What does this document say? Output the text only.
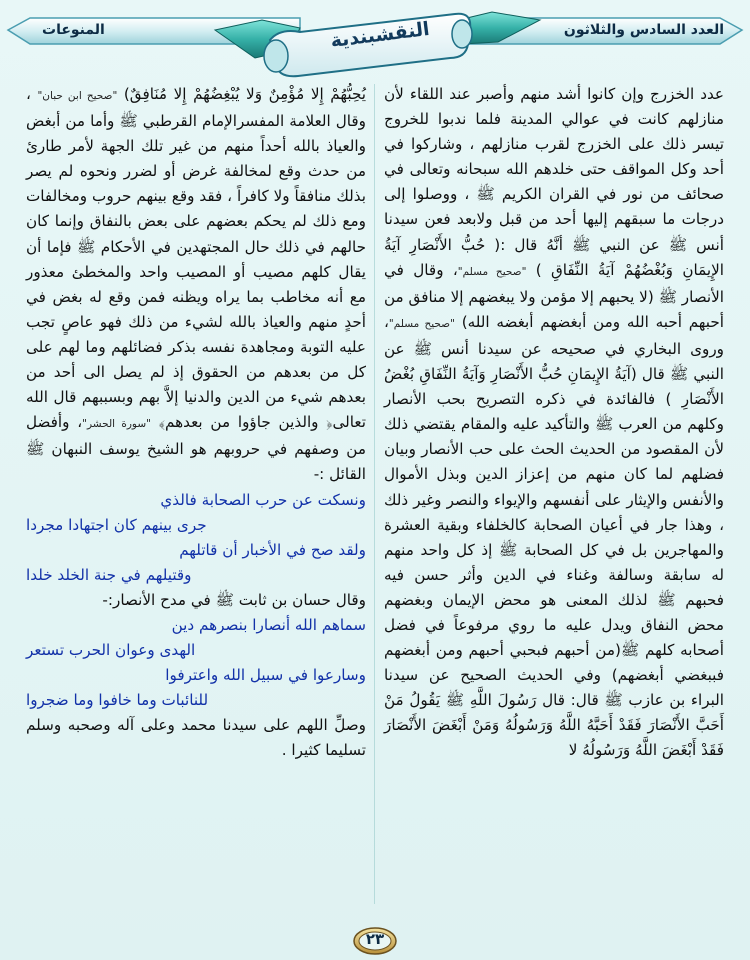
العدد السادس والثلاثون
المنوعات	النقشبندية

عدد الخزرج وإن كانوا أشد منهم وأصبر عند اللقاء لأن منازلهم كانت في عوالي المدينة فلما ندبوا للخروج تيسر ذلك على الخزرج لقرب منازلهم ، وشاركوا في أحد وكل المواقف حتى خلدهم الله سبحانه وتعالى في صحائف من نور في القران الكريم ﷺ ، ووصلوا إلى درجات ما سبقهم إليها أحد من قبل ولابعد فعن سيدنا أنس ﷺ عن النبي ﷺ أنَّهُ قال :( حُبُّ الأَنْصَارِ آيَةُ الإِيمَانِ وَبُغْضُهُمْ آيَةُ النِّفَاقِ ) "صحيح مسلم"، وقال في الأنصار ﷺ (لا يحبهم إلا مؤمن ولا يبغضهم إلا منافق من أحبهم أحبه الله ومن أبغضهم أبغضه الله) "صحيح مسلم"، وروى البخاري في صحيحه عن سيدنا أنس ﷺ عن النبي ﷺ قال (آيَةُ الإِيمَانِ حُبُّ الأَنْصَارِ وَآيَةُ النِّفَاقِ بُغْضُ الأَنْصَارِ ) فالفائدة في ذكره التصريح بحب الأنصار وكلهم من العرب ﷺ والتأكيد عليه والمقام يقتضي ذلك لأن المقصود من الحديث الحث على حب الأنصار وبيان فضلهم لما كان منهم من إعزاز الدين وبذل الأموال والأنفس والإيثار على أنفسهم والإيواء والنصر وغير ذلك ، وهذا جار في أعيان الصحابة كالخلفاء وبقية العشرة والمهاجرين بل في كل الصحابة ﷺ إذ كل واحد منهم له سابقة وسالفة وغناء في الدين وأثر حسن فيه فحبهم ﷺ لذلك المعنى هو محض الإيمان وبغضهم محض النفاق ويدل عليه ما روي مرفوعاً في فضل أصحابه كلهم ﷺ(من أحبهم فبحبي أحبهم ومن أبغضهم فببغضي أبغضهم) وفي الحديث الصحيح عن سيدنا البراء بن عازب ﷺ قال: قال رَسُولَ اللَّهِ ﷺ يَقُولُ مَنْ أَحَبَّ الأَنْصَارَ فَقَدْ أَحَبَّهُ اللَّهُ وَرَسُولُهُ وَمَنْ أَبْغَضَ الأَنْصَارَ فَقَدْ أَبْغَضَ اللَّهُ وَرَسُولُهُ لا

يُحِبُّهُمْ إِلا مُؤْمِنٌ وَلا يُبْغِضُهُمْ إِلا مُنَافِقٌ) "صحيح ابن حبان" ، وقال العلامة المفسرالإمام القرطبي ﷺ وأما من أبغض والعياذ بالله أحداً منهم من غير تلك الجهة لأمر طارئ من حدث وقع لمخالفة غرض أو لضرر ونحوه لم يصر بذلك منافقاً ولا كافراً ، فقد وقع بينهم حروب ومخالفات ومع ذلك لم يحكم بعضهم على بعض بالنفاق وإنما كان حالهم في ذلك حال المجتهدين في الأحكام ﷺ فإما أن يقال كلهم مصيب أو المصيب واحد والمخطئ معذور مع أنه مخاطب بما يراه ويظنه فمن وقع له بغض في أحدٍ منهم والعياذ بالله لشيء من ذلك فهو عاصٍ تجب عليه التوبة ومجاهدة نفسه بذكر فضائلهم وما لهم على كل من بعدهم من الحقوق إذ لم يصل الى أحد من بعدهم شيء من الدين والدنيا إلاَّ بهم وبسببهم قال الله تعالى﴿ والذين جاؤوا من بعدهم﴾ "سورة الحشر"، وأفضل من وصفهم في حروبهم هو الشيخ يوسف النبهان ﷺ القائل :-

ونسكت عن حرب الصحابة فالذي

جرى بينهم كان اجتهادا مجردا

ولقد صح في الأخبار أن قاتلهم

وقتيلهم في جنة الخلد خلدا

وقال حسان بن ثابت ﷺ في مدح الأنصار:-

سماهم الله أنصارا بنصرهم دين

الهدى وعوان الحرب تستعر

وسارعوا في سبيل الله واعترفوا

للنائبات وما خافوا وما ضجروا

وصلِّ اللهم على سيدنا محمد وعلى آله وصحبه وسلم تسليما كثيرا .

٢٣
